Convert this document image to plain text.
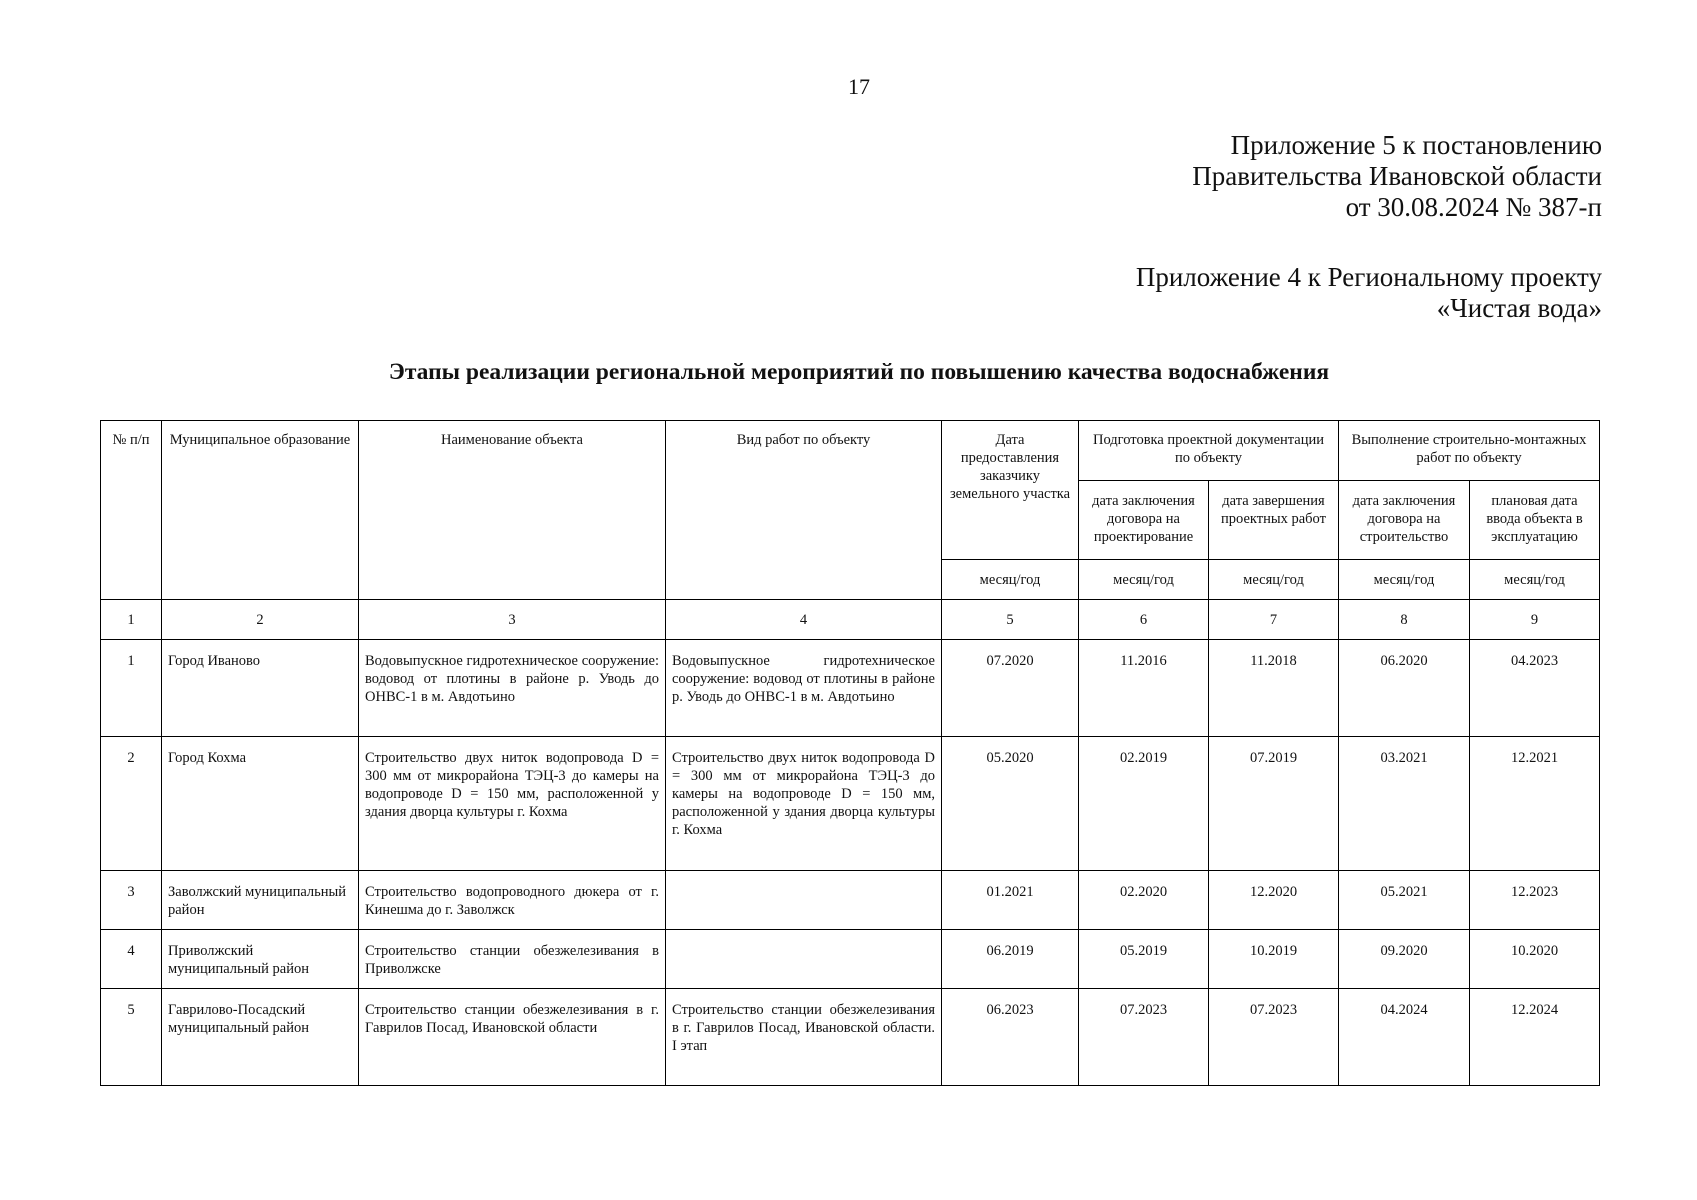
17
Приложение 5 к постановлению
Правительства Ивановской области
от 30.08.2024 № 387-п
Приложение 4 к Региональному проекту
«Чистая вода»
Этапы реализации региональной мероприятий по повышению качества водоснабжения
№ п/п	Муниципальное образование	Наименование объекта	Вид работ по объекту	Дата предоставления заказчику земельного участка	Подготовка проектной документации по объекту		Выполнение строительно-монтажных работ по объекту	
					дата заключения договора на проектирование	дата завершения проектных работ	дата заключения договора на строительство	плановая дата ввода объекта в эксплуатацию
				месяц/год	месяц/год	месяц/год	месяц/год	месяц/год
1	2	3	4	5	6	7	8	9
1	Город Иваново	Водовыпускное гидротехническое сооружение: водовод от плотины в районе р. Уводь до ОНВС-1 в м. Авдотьино	Водовыпускное гидротехническое сооружение: водовод от плотины в районе р. Уводь до ОНВС-1 в м. Авдотьино	07.2020	11.2016	11.2018	06.2020	04.2023
2	Город Кохма	Строительство двух ниток водопровода D = 300 мм от микрорайона ТЭЦ-3 до камеры на водопроводе D = 150 мм, расположенной у здания дворца культуры г. Кохма	Строительство двух ниток водопровода D = 300 мм от микрорайона ТЭЦ-3 до камеры на водопроводе D = 150 мм, расположенной у здания дворца культуры г. Кохма	05.2020	02.2019	07.2019	03.2021	12.2021
3	Заволжский муниципальный район	Строительство водопроводного дюкера от г. Кинешма до г. Заволжск		01.2021	02.2020	12.2020	05.2021	12.2023
4	Приволжский муниципальный район	Строительство станции обезжелезивания в Приволжске		06.2019	05.2019	10.2019	09.2020	10.2020
5	Гаврилово-Посадский муниципальный район	Строительство станции обезжелезивания в г. Гаврилов Посад, Ивановской области	Строительство станции обезжелезивания в г. Гаврилов Посад, Ивановской области. I этап	06.2023	07.2023	07.2023	04.2024	12.2024
